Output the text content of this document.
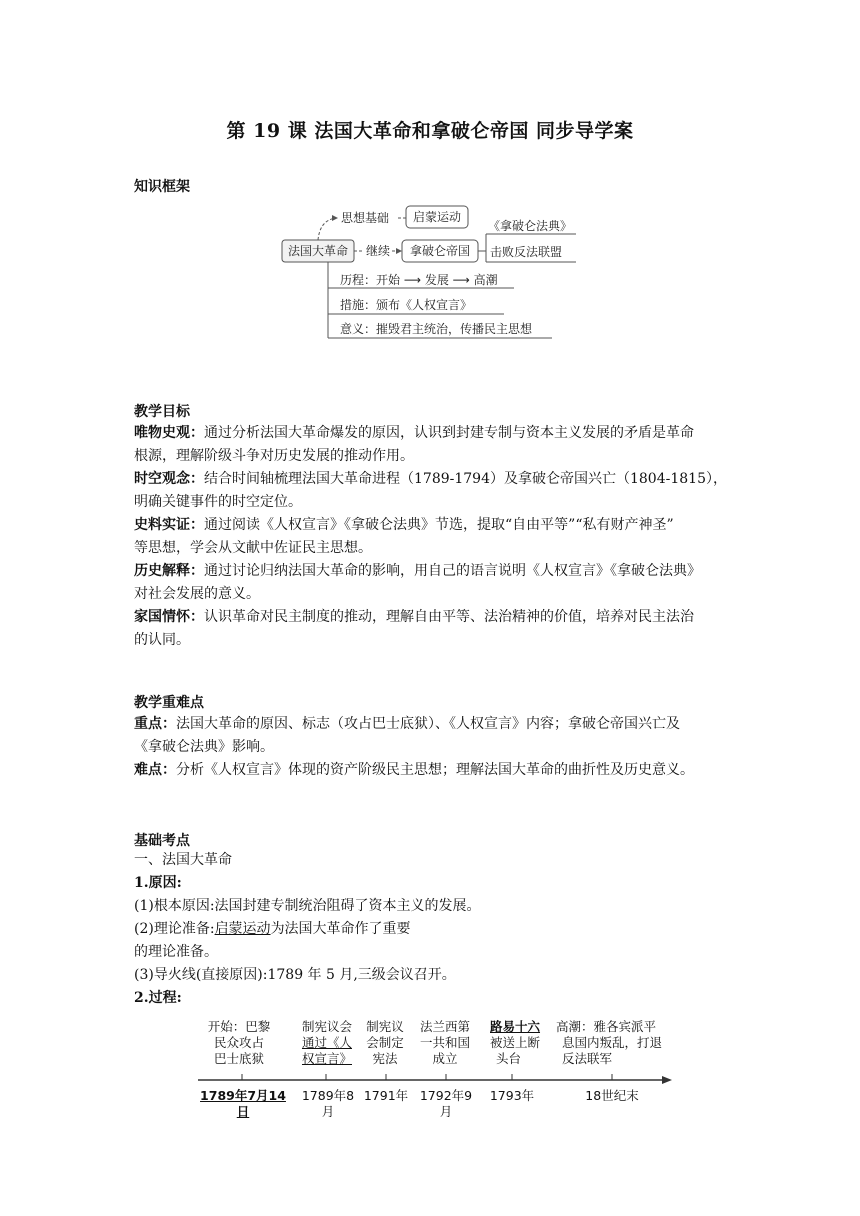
第 19 课 法国大革命和拿破仑帝国 同步导学案
知识框架
法国大革命
思想基础 启蒙运动
继续 拿破仑帝国
《拿破仑法典》
击败反法联盟
历程：开始 ⟶ 发展 ⟶ 高潮
措施：颁布《人权宣言》
意义：摧毁君主统治，传播民主思想
教学目标
唯物史观：通过分析法国大革命爆发的原因，认识到封建专制与资本主义发展的矛盾是革命
根源，理解阶级斗争对历史发展的推动作用。
时空观念：结合时间轴梳理法国大革命进程（1789-1794）及拿破仑帝国兴亡（1804-1815），
明确关键事件的时空定位。
史料实证：通过阅读《人权宣言》《拿破仑法典》节选，提取“自由平等”“私有财产神圣”
等思想，学会从文献中佐证民主思想。
历史解释：通过讨论归纳法国大革命的影响，用自己的语言说明《人权宣言》《拿破仑法典》
对社会发展的意义。
家国情怀：认识革命对民主制度的推动，理解自由平等、法治精神的价值，培养对民主法治
的认同。
教学重难点
重点：法国大革命的原因、标志（攻占巴士底狱）、《人权宣言》内容；拿破仑帝国兴亡及
《拿破仑法典》影响。
难点：分析《人权宣言》体现的资产阶级民主思想；理解法国大革命的曲折性及历史意义。
基础考点
一、法国大革命
1.原因:
(1)根本原因:法国封建专制统治阻碍了资本主义的发展。
(2)理论准备:启蒙运动为法国大革命作了重要
的理论准备。
(3)导火线(直接原因):1789 年 5 月,三级会议召开。
2.过程:
开始：巴黎
民众攻占
巴士底狱
制宪议会
通过《人
权宣言》
制宪议
会制定
宪法
法兰西第
一共和国
成立
路易十六
被送上断
头台
高潮：雅各宾派平
息国内叛乱，打退
反法联军
1789年7月14日
1789年8月
1791年 1792年9月
1793年	18世纪末
